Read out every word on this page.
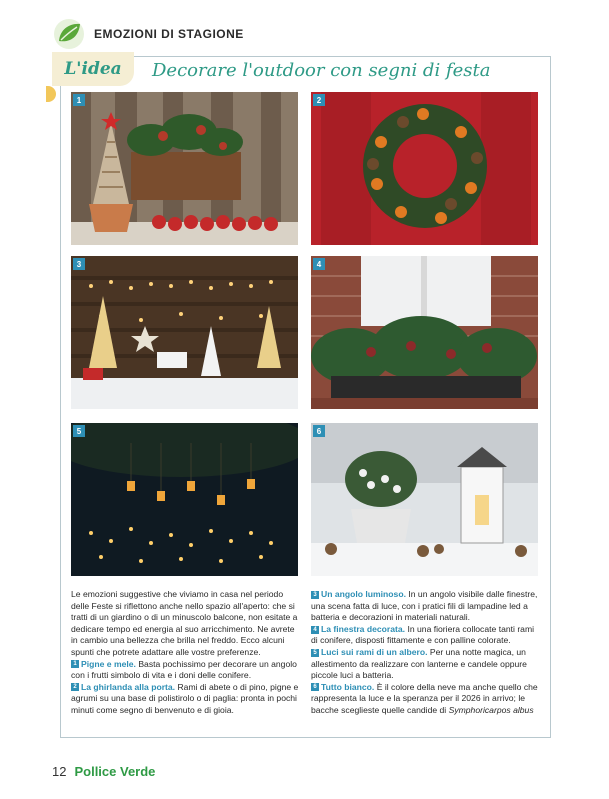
EMOZIONI DI STAGIONE
L'idea Decorare l'outdoor con segni di festa
1	2
3	4
5	6

Le emozioni suggestive che viviamo in casa nel periodo delle Feste si riflettono anche nello spazio all'aperto: che si tratti di un giardino o di un minuscolo balcone, non esitate a dedicare tempo ed energia al suo arricchimento. Ne avrete in cambio una bellezza che brilla nel freddo. Ecco alcuni spunti che potrete adattare alle vostre preferenze.

1 Pigne e mele. Basta pochissimo per decorare un angolo con i frutti simbolo di vita e i doni delle conifere.

2 La ghirlanda alla porta. Rami di abete o di pino, pigne e agrumi su una base di polistirolo o di paglia: pronta in pochi minuti come segno di benvenuto e di gioia.

3 Un angolo luminoso. In un angolo visibile dalle finestre, una scena fatta di luce, con i pratici fili di lampadine led a batteria e decorazioni in materiali naturali.

4 La finestra decorata. In una fioriera collocate tanti rami di conifere, disposti fittamente e con palline colorate.

5 Luci sui rami di un albero. Per una notte magica, un allestimento da realizzare con lanterne e candele oppure piccole luci a batteria.

6 Tutto bianco. È il colore della neve ma anche quello che rappresenta la luce e la speranza per il 2026 in arrivo; le bacche sceglieste quelle candide di Symphoricarpos albus

12 Pollice Verde
